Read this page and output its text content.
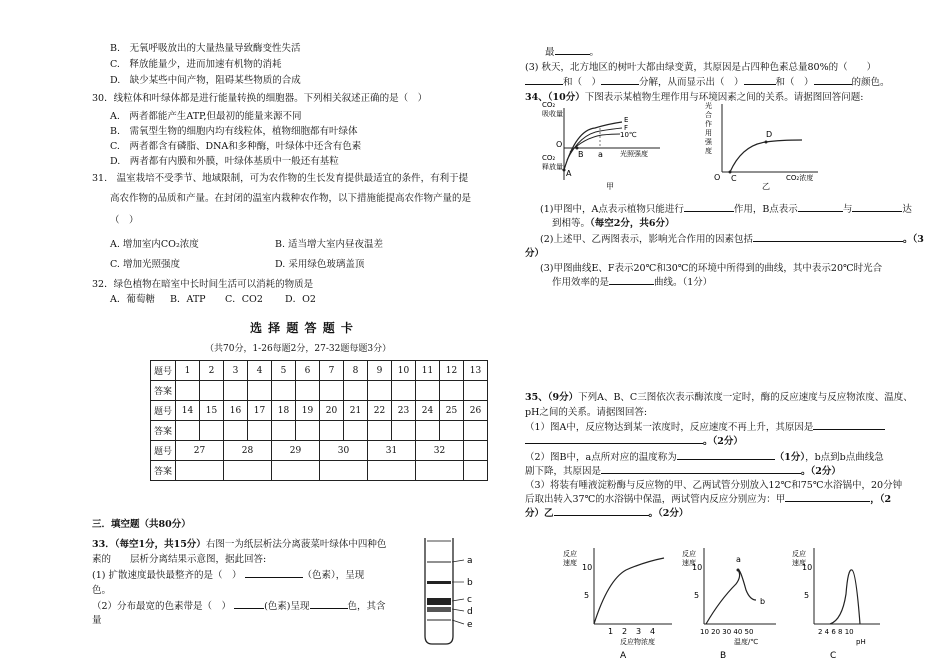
B.　无氧呼吸放出的大量热量导致酶变性失活
C.　释放能量少，进而加速有机物的消耗
D.　缺少某些中间产物，阻碍某些物质的合成
30．线粒体和叶绿体都是进行能量转换的细胞器。下列相关叙述正确的是（　）
A.　两者都能产生ATP,但最初的能量来源不同
B.　需氧型生物的细胞内均有线粒体，植物细胞都有叶绿体
C.　两者都含有磷脂、DNA和多种酶，叶绿体中还含有色素
D.　两者都有内膜和外膜，叶绿体基质中一般还有基粒
31.　温室栽培不受季节、地域限制，可为农作物的生长发育提供最适宜的条件，有利于提
高农作物的品质和产量。在封闭的温室内栽种农作物，以下措施能提高农作物产量的是
（　）
A. 增加室内CO₂浓度	B. 适当增大室内昼夜温差
C. 增加光照强度	D. 采用绿色玻璃盖顶
32．绿色植物在暗室中长时间生活可以消耗的物质是
A．葡萄糖 B．ATP C．CO2 D．O2
选 择 题 答 题 卡
（共70分，1-26每题2分，27-32题每题3分）
题号	1	2	3	4	5	6	7	8	9	10	11	12	13
答案													
题号	14	15	16	17	18	19	20	21	22	23	24	25	26
答案													
题号	27		28		29		30		31		32		
答案													
三．填空题（共80分）
33．（每空1分，共15分）右图一为纸层析法分离菠菜叶绿体中四种色
素的　　层析分离结果示意图，据此回答:
(1) 扩散速度最快最整齐的是（　）	（色素），呈现
色。
（2）分布最宽的色素带是（　）	(色素)呈现	色，其含
量
a
b
c
d
e
最	。
(3) 秋天，北方地区的树叶大都由绿变黄，其原因是占四种色素总量80%的（　　）
和（　）	分解，从而显示出（　）	和（　）	的颜色。
34、（10分）下图表示某植物生理作用与环境因素之间的关系。请据图回答问题:
CO₂
吸收量
CO₂
释放量
O
A
B a 光照强度
E
F
10℃
甲
光合作用强度
O C
D
CO₂浓度
乙
(1)甲图中，A点表示植物只能进行	作用，B点表示	与	达
到相等。（每空2分，共6分）
(2)上述甲、乙两图表示，影响光合作用的因素包括	。（3
分）
(3)甲图曲线E、F表示20℃和30℃的环境中所得到的曲线，其中表示20℃时光合
作用效率的是	曲线。（1分）
35、（9分）下列A、B、C三图依次表示酶浓度一定时，酶的反应速度与反应物浓度、温度、
pH之间的关系。请据图回答:
（1）图A中，反应物达到某一浓度时，反应速度不再上升，其原因是
。（2分）
（2）图B中，a点所对应的温度称为	（1分），b点到b点曲线急
剧下降，其原因是	。（2分）
（3）将装有唾液淀粉酶与反应物的甲、乙两试管分别放入12℃和75℃水浴锅中，20分钟
后取出转入37℃的水浴锅中保温，两试管内反应分别应为：甲	，（2
分）乙	。（2分）
反应速度 10
5
1 2 3 4
反应物浓度
A
反应速度
10
5
a
b
10 20 30 40 50
温度/℃
B
反应速度
10
5
2 4 6 8 10
pH
C
